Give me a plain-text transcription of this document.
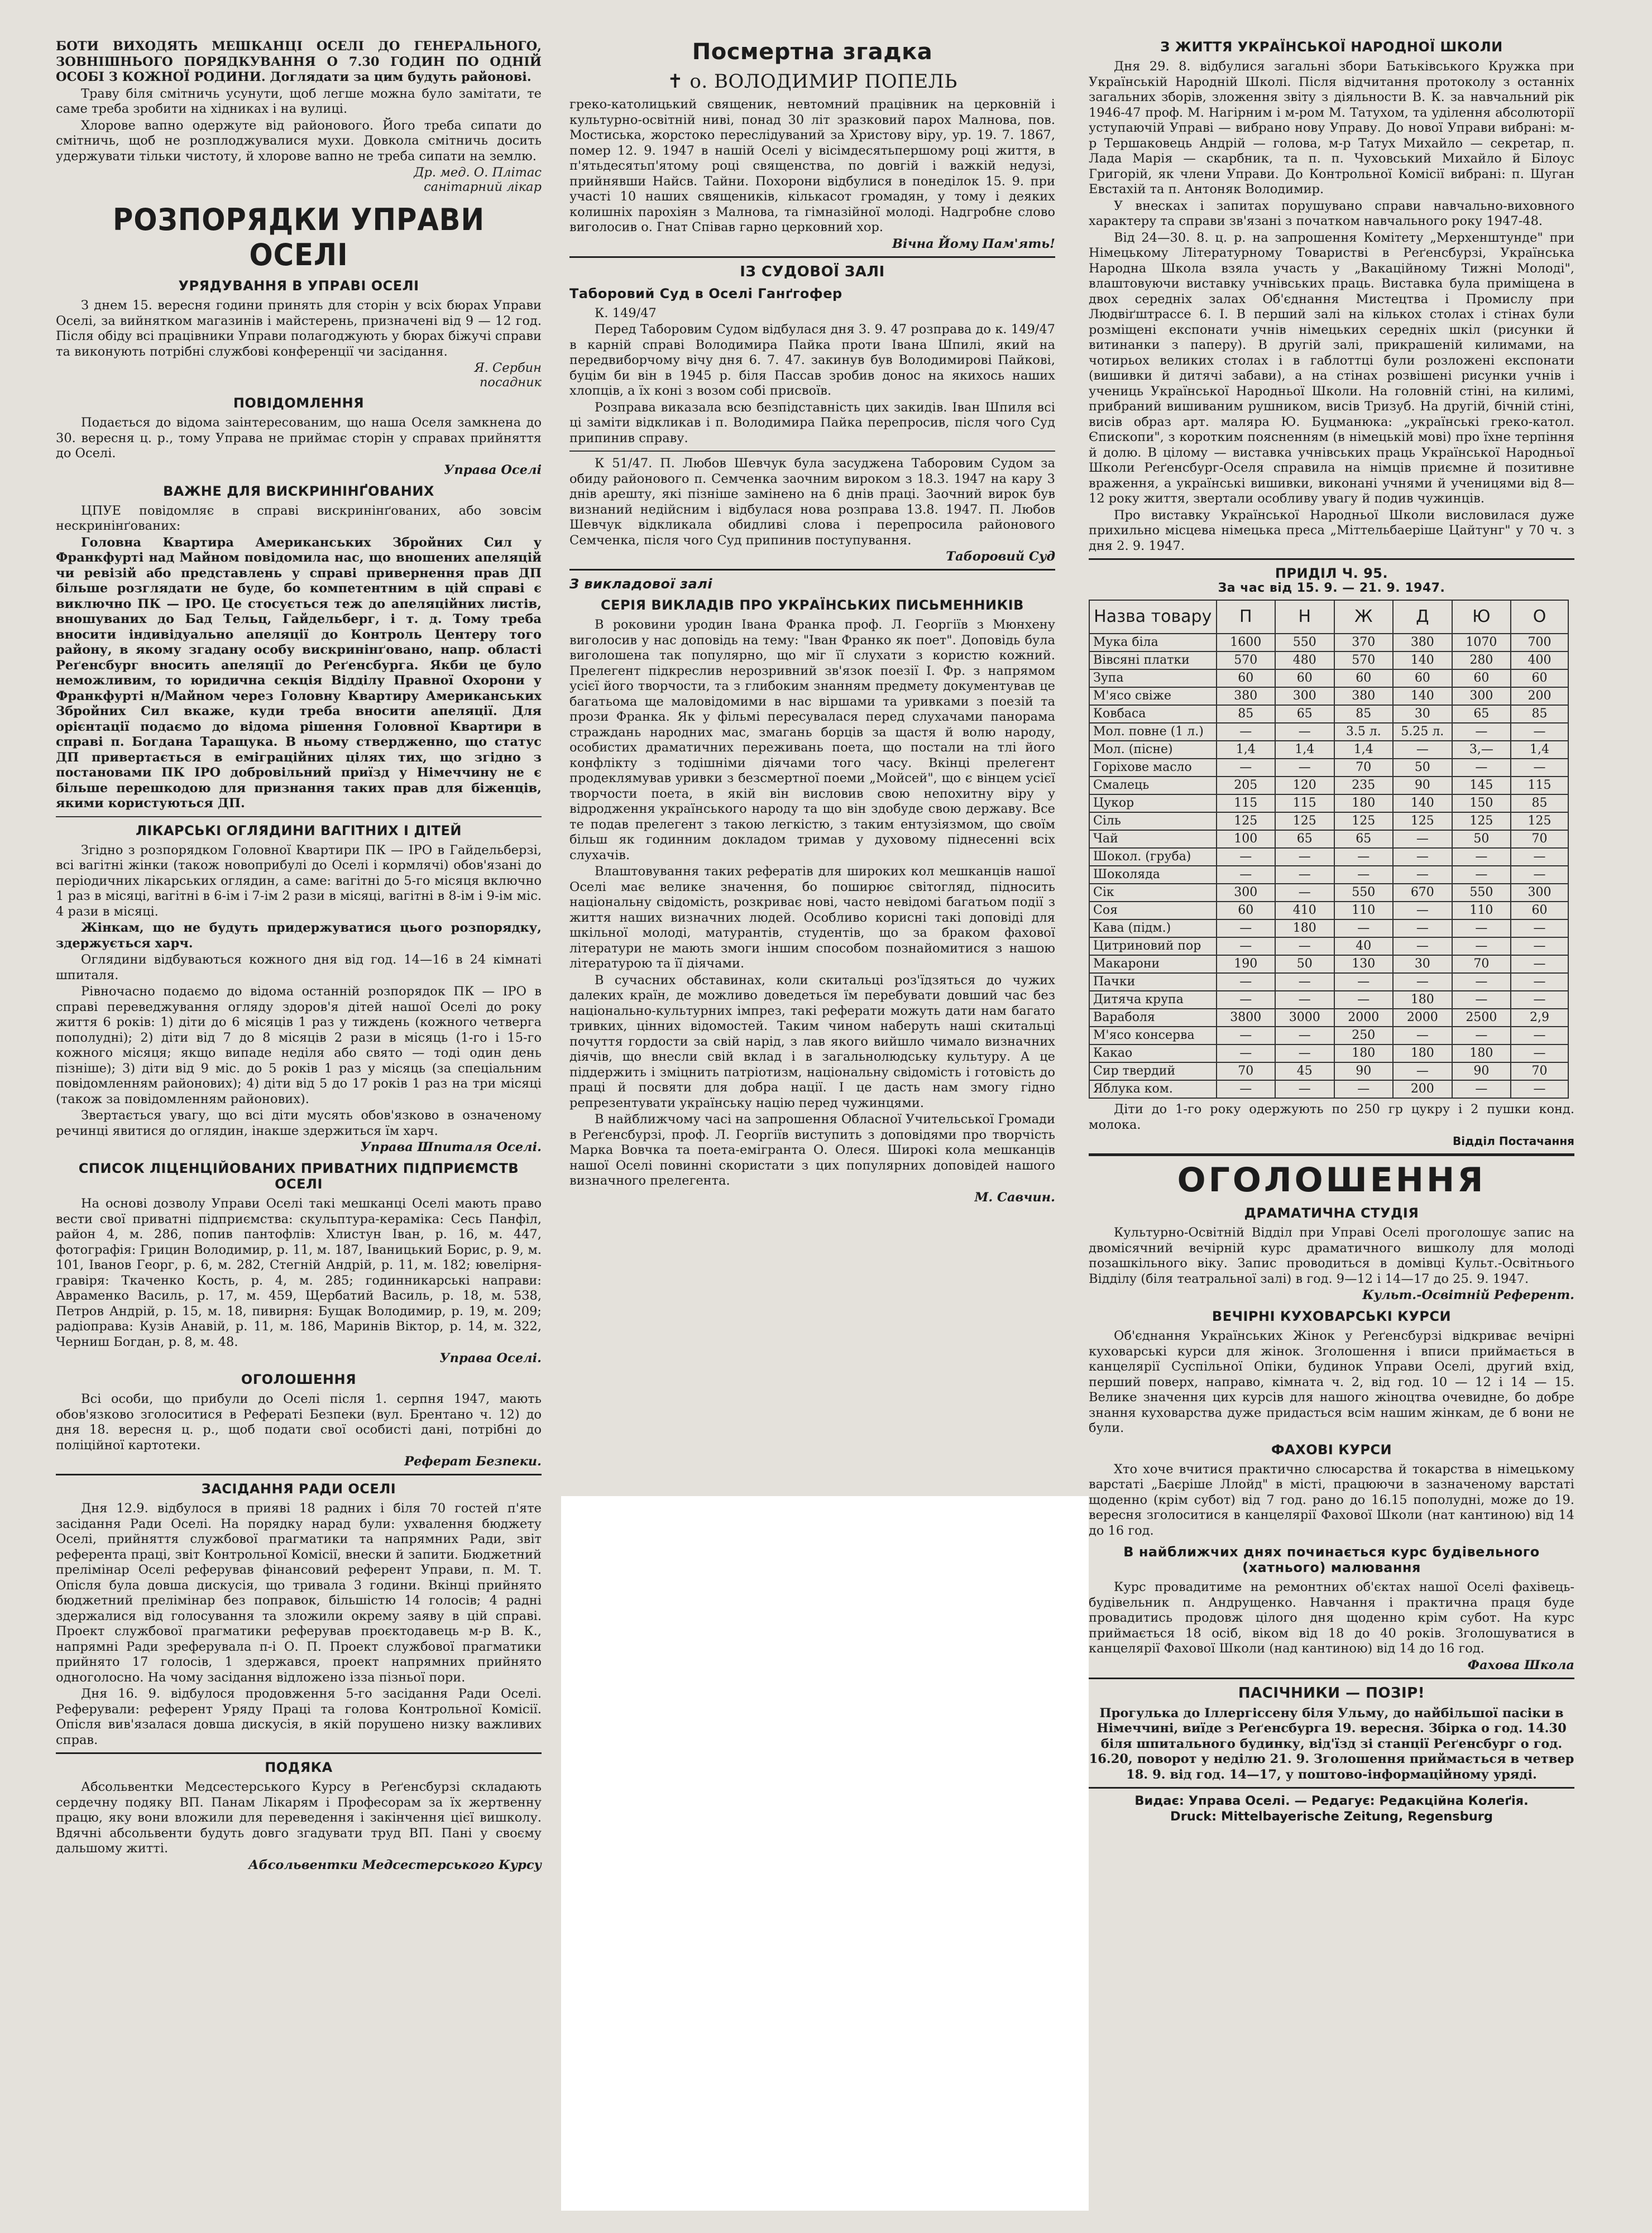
БОТИ ВИХОДЯТЬ МЕШКАНЦІ ОСЕЛІ ДО ГЕНЕРАЛЬНОГО, ЗОВНІШНЬОГО ПОРЯДКУВАННЯ О 7.30 ГОДИН ПО ОДНІЙ ОСОБІ З КОЖНОЇ РОДИНИ. Доглядати за цим будуть районові.

Траву біля смітничь усунути, щоб легше можна було замітати, те саме треба зробити на хідниках і на вулиці.

Хлорове вапно одержуте від районового. Його треба сипати до смітничь, щоб не розплоджувалися мухи. Довкола смітничь досить удержувати тільки чистоту, й хлорове вапно не треба сипати на землю.

Др. мед. О. Плітас
санітарний лікар
РОЗПОРЯДКИ УПРАВИ ОСЕЛІ
УРЯДУВАННЯ В УПРАВІ ОСЕЛІ

З днем 15. вересня години принять для сторін у всіх бюрах Управи Оселі, за вийнятком магазинів і майстерень, призначені від 9 — 12 год. Після обіду всі працівники Управи полагоджують у бюрах біжучі справи та виконують потрібні службові конференції чи засідання.

Я. Сербин
посадник
ПОВІДОМЛЕННЯ

Подається до відома заінтересованим, що наша Оселя замкнена до 30. вересня ц. р., тому Управа не приймає сторін у справах прийняття до Оселі.

Управа Оселі
ВАЖНЕ ДЛЯ ВИСКРИНІНҐОВАНИХ

ЦПУЕ повідомляє в справі вискринінґованих, або зовсім нескринінґованих:

Головна Квартира Американських Збройних Сил у Франкфурті над Майном повідомила нас, що вношених апеляцій чи ревізій або представлень у справі привернення прав ДП більше розглядати не буде, бо компетентним в цій справі є виключно ПК — ІРО. Це стосується теж до апеляційних листів, вношуваних до Бад Тельц, Гайдельберг, і т. д. Тому треба вносити індивідуально апеляції до Контроль Центеру того району, в якому згадану особу вискринінґовано, напр. області Реґенсбург вносить апеляції до Реґенсбурга. Якби це було неможливим, то юридична секція Відділу Правної Охорони у Франкфурті н/Майном через Головну Квартиру Американських Збройних Сил вкаже, куди треба вносити апеляції. Для орієнтації подаємо до відома рішення Головної Квартири в справі п. Богдана Таращука. В ньому ствердженно, що статус ДП привертається в еміграційних цілях тих, що згідно з постановами ПК ІРО добровільний приїзд у Німеччину не є більше перешкодою для признання таких прав для біженців, якими користуються ДП.

ЛІКАРСЬКІ ОГЛЯДИНИ ВАГІТНИХ І ДІТЕЙ

Згідно з розпорядком Головної Квартири ПК — ІРО в Гайдельберзі, всі вагітні жінки (також новоприбулі до Оселі і кормлячі) обов'язані до періодичних лікарських оглядин, а саме: вагітні до 5-го місяця включно 1 раз в місяці, вагітні в 6-ім і 7-ім 2 рази в місяці, вагітні в 8-ім і 9-ім міс. 4 рази в місяці.

Жінкам, що не будуть придержуватися цього розпорядку, здержується харч.

Оглядини вiдбуваються кожного дня від год. 14—16 в 24 кімнаті шпиталя.

Рівночасно подаємо до відома останній розпорядок ПК — ІРО в справі переведжування огляду здоров'я дітей нашої Оселі до року життя 6 років: 1) діти до 6 місяців 1 раз у тиждень (кожного четверга пополудні); 2) діти від 7 до 8 місяців 2 рази в місяць (1-го і 15-го кожного місяця; якщо випаде неділя або свято — тоді один день пізніше); 3) діти від 9 міс. до 5 років 1 раз у місяць (за спеціальним повідомленням районових); 4) діти від 5 до 17 років 1 раз на три місяці (також за повідомленням районових).

Звертається увагу, що всі діти мусять обов'язково в означеному речинці явитися до оглядин, інакше здержиться їм харч.

Управа Шпиталя Оселі.
СПИСОК ЛІЦЕНЦІЙОВАНИХ ПРИВАТНИХ ПІДПРИЄМСТВ ОСЕЛІ

На основі дозволу Управи Оселі такі мешканці Оселі мають право вести свої приватні підприємства: скульптура-кераміка: Сесь Панфіл, район 4, м. 286, попив пантофлів: Хлистун Іван, р. 16, м. 447, фотографія: Грицин Володимир, р. 11, м. 187, Іваницький Борис, р. 9, м. 101, Іванов Георг, р. 6, м. 282, Стегній Андрій, р. 11, м. 182; ювелірня-гравіря: Ткаченко Кость, р. 4, м. 285; годинникарські направи: Авраменко Василь, р. 17, м. 459, Щербатий Василь, р. 18, м. 538, Петров Андрій, р. 15, м. 18, пивирня: Бущак Володимир, р. 19, м. 209; радіоправа: Кузів Анавій, р. 11, м. 186, Маринів Віктор, р. 14, м. 322, Черниш Богдан, р. 8, м. 48.

Управа Оселі.
ОГОЛОШЕННЯ

Всі особи, що прибули до Оселі після 1. серпня 1947, мають обов'язково зголоситися в Рефераті Безпеки (вул. Брентано ч. 12) до дня 18. вересня ц. р., щоб подати свої особисті дані, потрібні до поліційної картотеки.

Реферат Безпеки.
ЗАСІДАННЯ РАДИ ОСЕЛІ

Дня 12.9. відбулося в приявi 18 радних і біля 70 гостей п'яте засідання Ради Оселі. На порядку нарад були: ухвалення бюджету Оселі, прийняття службової прагматики та напрямних Ради, звіт референта праці, звіт Контрольної Комісії, внески й запити. Бюджетний прелімінар Оселі реферував фінансовий референт Управи, п. М. Т. Опісля була довша дискусія, що тривала 3 години. Вкінці прийнято бюджетний прелімінар без поправок, більшістю 14 голосів; 4 радні здержалися від голосування та зложили окрему заяву в цій справі. Проект службової прагматики реферував проєктодавець м-р В. К., напрямні Ради зреферувала п-і О. П. Проект службової прагматики прийнято 17 голосів, 1 здержався, проект напрямних прийнято одноголосно. На чому засідання відложено ізза пізньої пори.

Дня 16. 9. відбулося продовження 5-го засідання Ради Оселі. Реферували: референт Уряду Праці та голова Контрольної Комісії. Опісля вив'язалася довша дискусія, в якій порушено низку важливих справ.

ПОДЯКА

Абсольвентки Медсестерського Курсу в Реґенсбурзі складають сердечну подяку ВП. Панам Лікарям і Професорам за їх жертвенну працю, яку вони вложили для переведення і закінчення цієї вишколу. Вдячні абсольвенти будуть довго згадувати труд ВП. Пані у своєму дальшому житті.

Абсольвентки Медсестерського Курсу
Посмертна згадка
✝ о. ВОЛОДИМИР ПОПЕЛЬ

греко-католицький священик, невтомний працівник на церковній і культурно-освітній ниві, понад 30 літ зразковий парох Малнова, пов. Мостиська, жорстоко переслідуваний за Христову віру, ур. 19. 7. 1867, помер 12. 9. 1947 в нашій Оселі у вісімдесятьпершому році життя, в п'ятьдесятьп'ятому році священства, по довгій і важкій недузі, прийнявши Найсв. Тайни. Похорони відбулися в понеділок 15. 9. при участі 10 наших священиків, кількасот громадян, у тому і деяких колишніх парохіян з Малнова, та гімназійної молоді. Надгробне слово виголосив о. Гнат Співав гарно церковний хор.

Вічна Йому Пам'ять!
ІЗ СУДОВОЇ ЗАЛІ
Таборовий Суд в Оселі Ганґгофер

К. 149/47

Перед Таборовим Судом відбулася дня 3. 9. 47 розправа до к. 149/47 в карній справі Володимира Пайка проти Івана Шпилі, який на передвиборчому вічу дня 6. 7. 47. закинув був Володимирові Пайкові, буцім би він в 1945 р. біля Пассав зробив донос на якихось наших хлопців, а їх коні з возом собі присвоїв.

Розправа виказала всю безпідставність цих закидів. Іван Шпиля всі ці заміти відкликав і п. Володимира Пайка перепросив, після чого Суд припинив справу.

К 51/47. П. Любов Шевчук була засуджена Таборовим Судом за обиду районового п. Семченка заочним вироком з 18.3. 1947 на кару 3 днів арешту, які пізніше замінено на 6 днів праці. Заочний вирок був визнаний недійсним і відбулася нова розправа 13.8. 1947. П. Любов Шевчук відкликала обидливі слова і перепросила районового Семченка, після чого Суд припинив поступування.

Таборовий Суд
З викладової залі
СЕРІЯ ВИКЛАДІВ ПРО УКРАЇНСЬКИХ ПИСЬМЕННИКІВ

В роковини уродин Івана Франка проф. Л. Георгіїв з Мюнхену виголосив у нас доповідь на тему: "Іван Франко як поет". Доповідь була виголошена так популярно, що міг її слухати з користю кожний. Прелегент підкреслив нерозривний зв'язок поезії І. Фр. з напрямом усієї його творчости, та з глибоким знанням предмету документував це багатьома ще маловідомими в нас віршами та уривками з поезій та прози Франка. Як у фільмі пересувалася перед слухачами панорама страждань народних мас, змагань борців за щастя й волю народу, особистих драматичних переживань поета, що постали на тлі його конфлікту з тодішніми діячами того часу. Вкінці прелегент продеклямував уривки з безсмертної поеми „Мойсей", що є вінцем усієї творчости поета, в якій він висловив свою непохитну віру у відродження українського народу та що він здобуде свою державу. Все те подав прелегент з такою легкістю, з таким ентузіязмом, що своїм більш як годинним докладом тримав у духовому піднесенні всіх слухачів.

Влаштовування таких рефератів для широких кол мешканців нашої Оселі має велике значення, бо поширює світогляд, підносить національну свідомість, розкриває нові, часто невідомі багатьом події з життя наших визначних людей. Особливо корисні такі доповіді для шкільної молоді, матурантів, студентів, що за браком фахової літератури не мають змоги іншим способом познайомитися з нашою літературою та її діячами.

В сучасних обставинах, коли скитальці роз'їдзяться до чужих далеких країн, де можливо доведеться їм перебувати довший час без національно-культурних імпрез, такі реферати можуть дати нам багато тривких, цінних відомостей. Таким чином наберуть наші скитальці почуття гордости за свій нарід, з лав якого вийшло чимало визначних діячів, що внесли свій вклад і в загальнолюдську культуру. А це піддержить і зміцнить патріотизм, національну свідомість і готовість до праці й посвяти для добра нації. І це дасть нам змогу гідно репрезентувати українську націю перед чужинцями.

В найближчому часі на запрошення Обласної Учительської Громади в Реґенсбурзі, проф. Л. Георгіїв виступить з доповідями про творчість Марка Вовчка та поета-емігранта О. Олеся. Широкі кола мешканців нашої Оселі повинні скористати з цих популярних доповідей нашого визначного прелегента.

М. Савчин.
З ЖИТТЯ УКРАЇНСЬКОЇ НАРОДНОЇ ШКОЛИ

Дня 29. 8. відбулися загальні збори Батьківського Кружка при Українській Народній Школі. Після відчитання протоколу з останніх загальних зборів, зложення звіту з діяльности В. К. за навчальний рік 1946-47 проф. М. Нагірним і м-ром М. Татухом, та уділення абсолюторії уступаючій Управі — вибрано нову Управу. До нової Управи вибрані: м-р Тершаковець Андрій — голова, м-р Татух Михайло — секретар, п. Лада Марія — скарбник, та п. п. Чуховський Михайло й Білоус Григорій, як члени Управи. До Контрольної Комісії вибрані: п. Шуган Евстахій та п. Антоняк Володимир.

У внесках і запитах порушувано справи навчально-виховного характеру та справи зв'язані з початком навчального року 1947-48.

Від 24—30. 8. ц. р. на запрошення Комітету „Мерхенштунде" при Німецькому Літературному Товаристві в Реґенсбурзі, Українська Народна Школа взяла участь у „Вакаційному Тижні Молоді", влаштовуючи виставку учнівських праць. Виставка була приміщена в двох середніх залах Об'єднання Мистецтва і Промислу при Людвіґштрассе 6. І. В перший залі на кількох столах і стінах були розміщені експонати учнів німецьких середніх шкіл (рисунки й витинанки з паперу). В другій залі, прикрашеній килимами, на чотирьох великих столах і в габлоттці були розложені експонати (вишивки й дитячі забави), а на стінах розвішені рисунки учнів і учениць Української Народньої Школи. На головній стіні, на килимі, прибраний вишиваним рушником, висів Тризуб. На другій, бічній стіні, висів образ арт. маляра Ю. Буцманюка: „українські греко-катол. Єпископи", з коротким поясненням (в німецькій мові) про їхне терпіння й долю. В цілому — виставка учнівських праць Української Народньої Школи Реґенсбург-Оселя справила на німців приємне й позитивне враження, а українські вишивки, виконані учнями й ученицями від 8—12 року життя, звертали особливу увагу й подив чужинців.

Про виставку Української Народньої Школи висловилася дуже прихильно місцева німецька преса „Міттельбаеріше Цайтунг" у 70 ч. з дня 2. 9. 1947.

ПРИДІЛ Ч. 95.
За час від 15. 9. — 21. 9. 1947.
Назва товару	П	Н	Ж	Д	Ю	О
Мука біла	1600	550	370	380	1070	700
Вівсяні платки	570	480	570	140	280	400
Зупа	60	60	60	60	60	60
М'ясо свіже	380	300	380	140	300	200
Ковбаса	85	65	85	30	65	85
Мол. повне (1 л.)	—	—	3.5 л.	5.25 л.	—	—
Мол. (пісне)	1,4	1,4	1,4	—	3,—	1,4
Горіхове масло	—	—	70	50	—	—
Смалець	205	120	235	90	145	115
Цукор	115	115	180	140	150	85
Сіль	125	125	125	125	125	125
Чай	100	65	65	—	50	70
Шокол. (груба)	—	—	—	—	—	—
Шоколяда	—	—	—	—	—	—
Сік	300	—	550	670	550	300
Соя	60	410	110	—	110	60
Кава (підм.)	—	180	—	—	—	—
Цитриновий пор	—	—	40	—	—	—
Макарони	190	50	130	30	70	—
Пачки	—	—	—	—	—	—
Дитяча крупа	—	—	—	180	—	—
Вараболя	3800	3000	2000	2000	2500	2,9
М'ясо консерва	—	—	250	—	—	—
Какао	—	—	180	180	180	—
Сир твердий	70	45	90	—	90	70
Яблука ком.	—	—	—	200	—	—

Діти до 1-го року одержують по 250 гр цукру і 2 пушки конд. молока.

Відділ Постачання
ОГОЛОШЕННЯ
ДРАМАТИЧНА СТУДІЯ

Культурно-Освітній Відділ при Управі Оселі проголошує запис на двомісячний вечірній курс драматичного вишколу для молоді позашкільного віку. Запис проводиться в домівці Культ.-Освітнього Відділу (біля театральної залі) в год. 9—12 і 14—17 до 25. 9. 1947.

Культ.-Освітній Референт.
ВЕЧІРНІ КУХОВАРСЬКІ КУРСИ

Об'єднання Українських Жінок у Реґенсбурзі відкриває вечірні куховарські курси для жінок. Зголошення і вписи приймається в канцелярії Суспільної Опіки, будинок Управи Оселі, другий вхід, перший поверх, направо, кімната ч. 2, від год. 10 — 12 і 14 — 15. Велике значення цих курсів для нашого жіноцтва очевидне, бо добре знання куховарства дуже придасться всім нашим жінкам, де б вони не були.

ФАХОВІ КУРСИ

Хто хоче вчитися практично слюсарства й токарства в німецькому варстаті „Баєріше Ллойд" в місті, працюючи в зазначеному варстаті щоденно (крім субот) від 7 год. рано до 16.15 пополудні, може до 19. вересня зголоситися в канцелярії Фахової Школи (нат кантиною) від 14 до 16 год.

В найближчих днях починається курс будівельного (хатнього) малювання

Курс провадитиме на ремонтних об'єктах нашої Оселі фахівець-будівельник п. Андрущенко. Навчання і практична праця буде провадитись продовж цілого дня щоденно крім субот. На курс приймається 18 осіб, віком від 18 до 40 років. Зголошуватися в канцелярії Фахової Школи (над кантиною) від 14 до 16 год.

Фахова Школа
ПАСІЧНИКИ — ПОЗІР!

Прогулька до Іллергіссену біля Ульму, до найбільшої пасіки в Німеччині, виїде з Реґенсбурга 19. вересня. Збірка о год. 14.30 біля шпитального будинку, від'їзд зі станції Реґенсбург о год. 16.20, поворот у неділю 21. 9. Зголошення приймається в четвер 18. 9. від год. 14—17, у поштово-інформаційному уряді.

Видає: Управа Оселі. — Редагує: Редакційна Колеґія.
Druck: Mittelbayerische Zeitung, Regensburg
